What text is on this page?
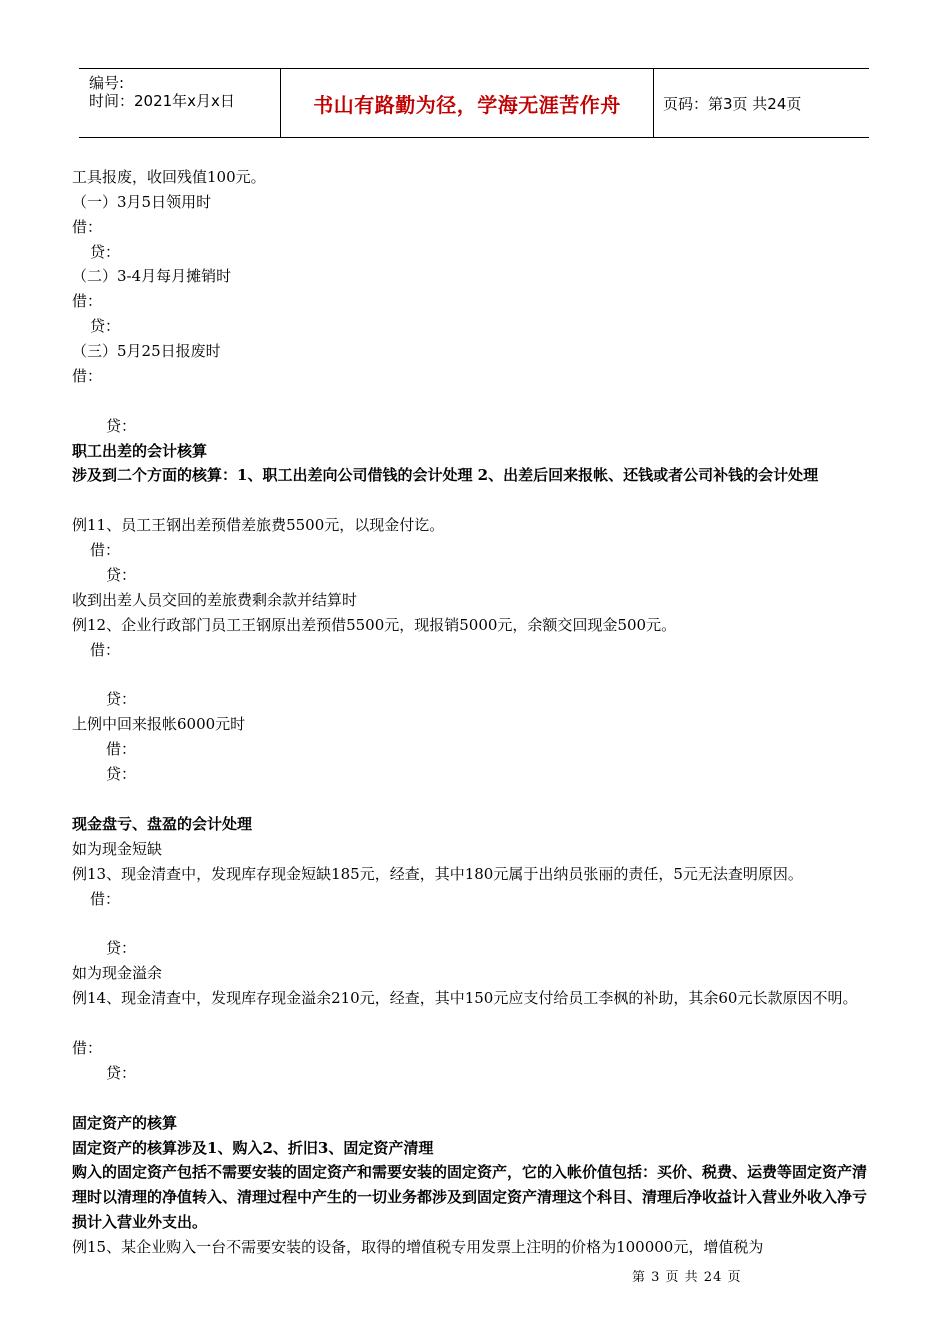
编号:
时间：2021年x月x日	书山有路勤为径，学海无涯苦作舟	页码：第3页 共24页
工具报废，收回残值100元。
（一）3月5日领用时
借：
贷：
（二）3-4月每月摊销时
借：
贷：
（三）5月25日报废时
借：
贷：
职工出差的会计核算
涉及到二个方面的核算：1、职工出差向公司借钱的会计处理 2、出差后回来报帐、还钱或者公司补钱的会计处理
例11、员工王钢出差预借差旅费5500元，以现金付讫。
借：
贷：
收到出差人员交回的差旅费剩余款并结算时
例12、企业行政部门员工王钢原出差预借5500元，现报销5000元，余额交回现金500元。
借：
贷：
上例中回来报帐6000元时
借：
贷：
现金盘亏、盘盈的会计处理
如为现金短缺
例13、现金清查中，发现库存现金短缺185元，经查，其中180元属于出纳员张丽的责任，5元无法查明原因。
借：
贷：
如为现金溢余
例14、现金清查中，发现库存现金溢余210元，经查，其中150元应支付给员工李枫的补助，其余60元长款原因不明。
借：
贷：
固定资产的核算
固定资产的核算涉及1、购入2、折旧3、固定资产清理
购入的固定资产包括不需要安装的固定资产和需要安装的固定资产，它的入帐价值包括：买价、税费、运费等固定资产清理时以清理的净值转入、清理过程中产生的一切业务都涉及到固定资产清理这个科目、清理后净收益计入营业外收入净亏损计入营业外支出。
例15、某企业购入一台不需要安装的设备，取得的增值税专用发票上注明的价格为100000元，增值税为
第 3 页 共 24 页
